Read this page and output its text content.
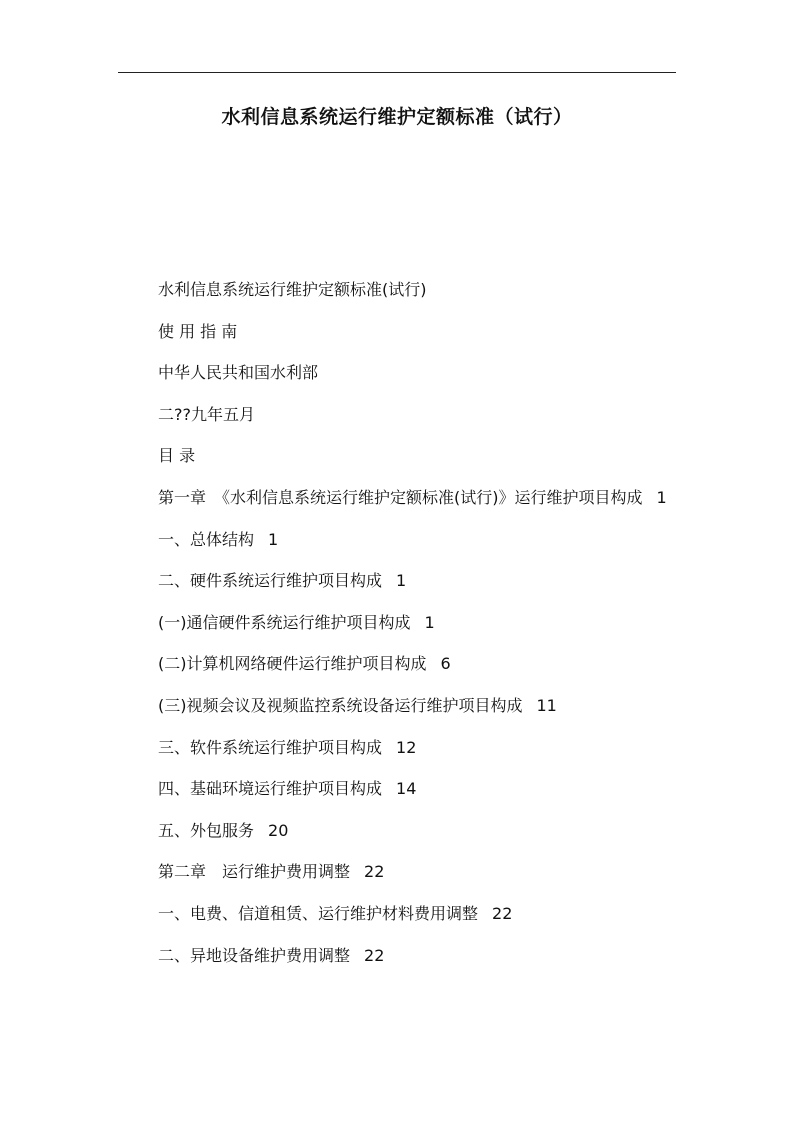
水利信息系统运行维护定额标准（试行）

水利信息系统运行维护定额标准(试行)

使 用 指 南

中华人民共和国水利部

二??九年五月

目 录

第一章　《水利信息系统运行维护定额标准(试行)》运行维护项目构成 1

一、总体结构 1

二、硬件系统运行维护项目构成 1

(一)通信硬件系统运行维护项目构成 1

(二)计算机网络硬件运行维护项目构成 6

(三)视频会议及视频监控系统设备运行维护项目构成 11

三、软件系统运行维护项目构成 12

四、基础环境运行维护项目构成 14

五、外包服务 20

第二章　运行维护费用调整 22

一、电费、信道租赁、运行维护材料费用调整 22

二、异地设备维护费用调整 22
